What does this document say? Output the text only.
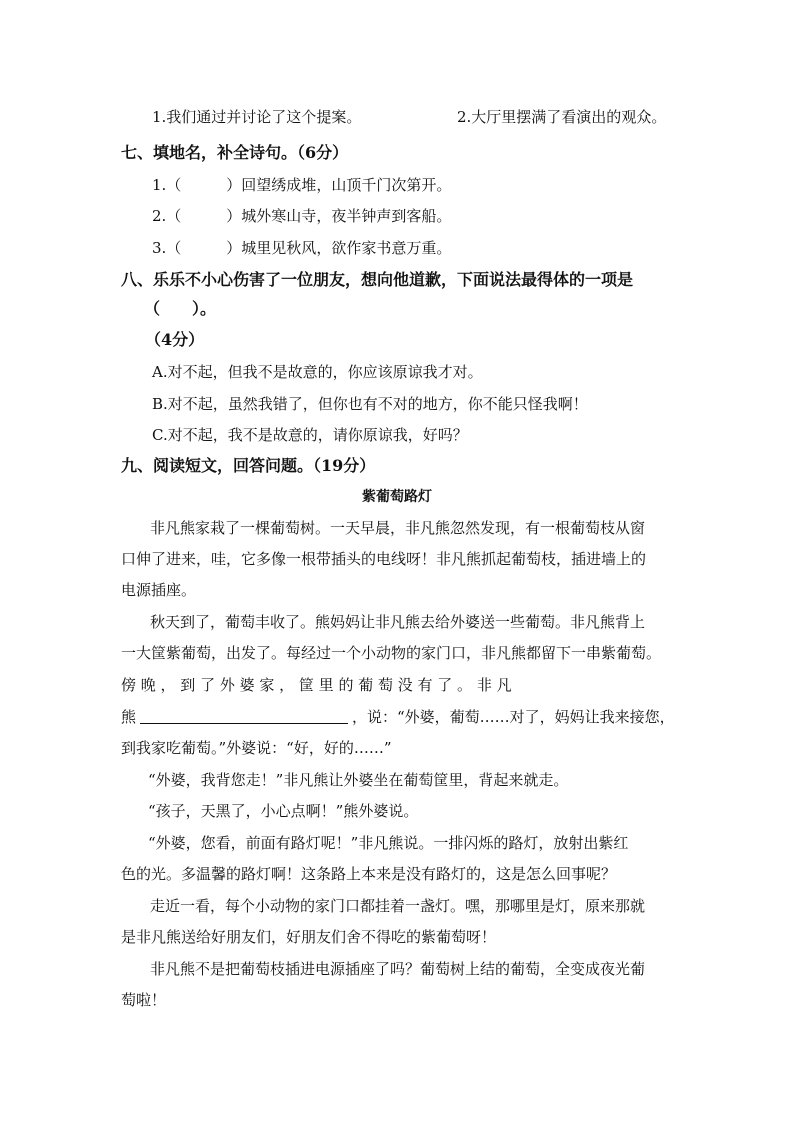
1.我们通过并讨论了这个提案。	2.大厅里摆满了看演出的观众。
七、填地名，补全诗句。（6分）
1.（　　　）回望绣成堆，山顶千门次第开。
2.（　　　）城外寒山寺，夜半钟声到客船。
3.（　　　）城里见秋风，欲作家书意万重。
八、乐乐不小心伤害了一位朋友，想向他道歉，下面说法最得体的一项是
（　　）。
（4分）
A.对不起，但我不是故意的，你应该原谅我才对。
B.对不起，虽然我错了，但你也有不对的地方，你不能只怪我啊！
C.对不起，我不是故意的，请你原谅我，好吗？
九、阅读短文，回答问题。（19分）
紫葡萄路灯
非凡熊家栽了一棵葡萄树。一天早晨，非凡熊忽然发现，有一根葡萄枝从窗
口伸了进来，哇，它多像一根带插头的电线呀！非凡熊抓起葡萄枝，插进墙上的
电源插座。
秋天到了，葡萄丰收了。熊妈妈让非凡熊去给外婆送一些葡萄。非凡熊背上
一大筐紫葡萄，出发了。每经过一个小动物的家门口，非凡熊都留下一串紫葡萄。
傍 晚 ， 到 了 外 婆 家 ， 筐 里 的 葡 萄 没 有 了 。 非 凡
熊	，说：“外婆，葡萄……对了，妈妈让我来接您，
到我家吃葡萄。”外婆说：“好，好的……”
“外婆，我背您走！”非凡熊让外婆坐在葡萄筐里，背起来就走。
“孩子，天黑了，小心点啊！”熊外婆说。
“外婆，您看，前面有路灯呢！”非凡熊说。一排闪烁的路灯，放射出紫红
色的光。多温馨的路灯啊！这条路上本来是没有路灯的，这是怎么回事呢？
走近一看，每个小动物的家门口都挂着一盏灯。嘿，那哪里是灯，原来那就
是非凡熊送给好朋友们，好朋友们舍不得吃的紫葡萄呀！
非凡熊不是把葡萄枝插进电源插座了吗？葡萄树上结的葡萄，全变成夜光葡
萄啦！
